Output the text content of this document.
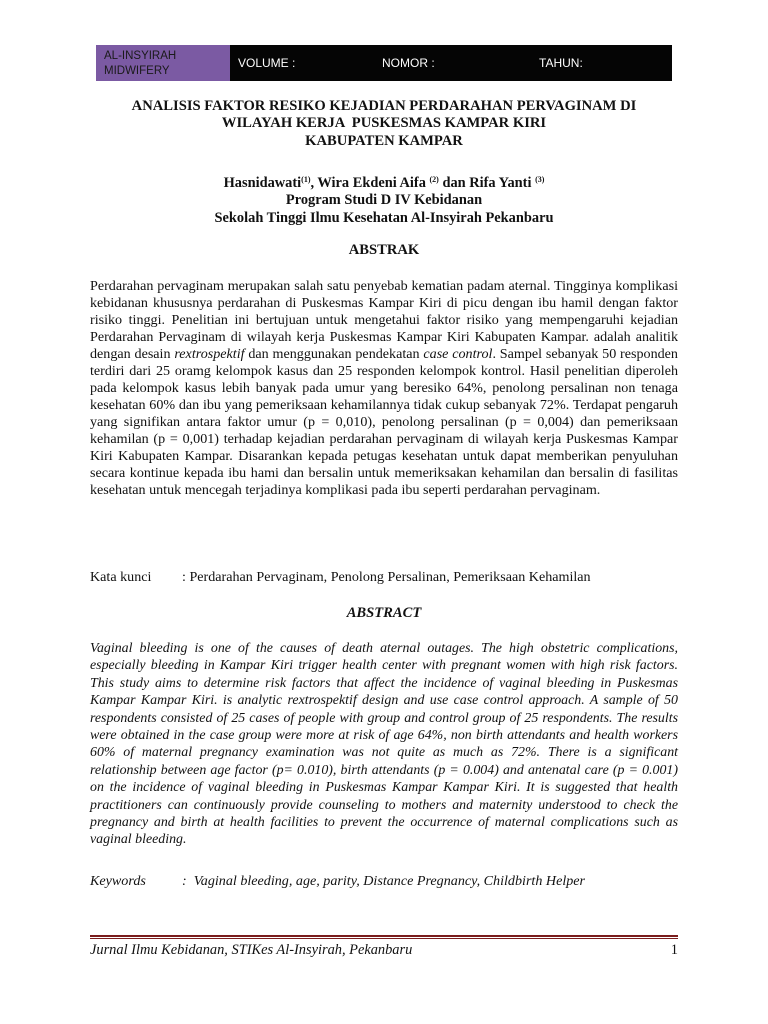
AL-INSYIRAH
MIDWIFERY
VOLUME :	NOMOR :	TAHUN:
ANALISIS FAKTOR RESIKO KEJADIAN PERDARAHAN PERVAGINAM DI
WILAYAH KERJA  PUSKESMAS KAMPAR KIRI
KABUPATEN KAMPAR
Hasnidawati$^{(1)}$, Wira Ekdeni Aifa $^{(2)}$ dan Rifa Yanti $^{(3)}$
Program Studi D IV Kebidanan
Sekolah Tinggi Ilmu Kesehatan Al-Insyirah Pekanbaru
ABSTRAK

Perdarahan pervaginam merupakan salah satu penyebab kematian padam aternal. Tingginya komplikasi kebidanan khususnya perdarahan di Puskesmas Kampar Kiri di picu dengan ibu hamil dengan faktor risiko tinggi. Penelitian ini bertujuan untuk mengetahui faktor risiko yang mempengaruhi kejadian Perdarahan Pervaginam di wilayah kerja Puskesmas Kampar Kiri Kabupaten Kampar. adalah analitik dengan desain rextrospektif dan menggunakan pendekatan case control. Sampel sebanyak 50 responden terdiri dari 25 oramg kelompok kasus dan 25 responden kelompok kontrol. Hasil penelitian diperoleh pada kelompok kasus lebih banyak pada umur yang beresiko 64%, penolong persalinan non tenaga kesehatan 60% dan ibu yang pemeriksaan kehamilannya tidak cukup sebanyak 72%. Terdapat pengaruh yang signifikan antara faktor umur (p = 0,010), penolong persalinan (p = 0,004) dan pemeriksaan kehamilan (p = 0,001) terhadap kejadian perdarahan pervaginam di wilayah kerja Puskesmas Kampar Kiri Kabupaten Kampar. Disarankan kepada petugas kesehatan untuk dapat memberikan penyuluhan secara kontinue kepada ibu hami dan bersalin untuk memeriksakan kehamilan dan bersalin di fasilitas kesehatan untuk mencegah terjadinya komplikasi pada ibu seperti perdarahan pervaginam.

Kata kunci : Perdarahan Pervaginam, Penolong Persalinan, Pemeriksaan Kehamilan
ABSTRACT

Vaginal bleeding is one of the causes of death aternal outages. The high obstetric complications, especially bleeding in Kampar Kiri trigger health center with pregnant women with high risk factors. This study aims to determine risk factors that affect the incidence of vaginal bleeding in Puskesmas Kampar Kampar Kiri. is analytic rextrospektif design and use case control approach. A sample of 50 respondents consisted of 25 cases of people with group and control group of 25 respondents. The results were obtained in the case group were more at risk of age 64%, non birth attendants and health workers 60% of maternal pregnancy examination was not quite as much as 72%. There is a significant relationship between age factor (p= 0.010), birth attendants (p = 0.004) and antenatal care (p = 0.001) on the incidence of vaginal bleeding in Puskesmas Kampar Kampar Kiri. It is suggested that health practitioners can continuously provide counseling to mothers and maternity understood to check the pregnancy and birth at health facilities to prevent the occurrence of maternal complications such as vaginal bleeding.

Keywords	:  Vaginal bleeding, age, parity, Distance Pregnancy, Childbirth Helper
Jurnal Ilmu Kebidanan, STIKes Al-Insyirah, Pekanbaru	1
